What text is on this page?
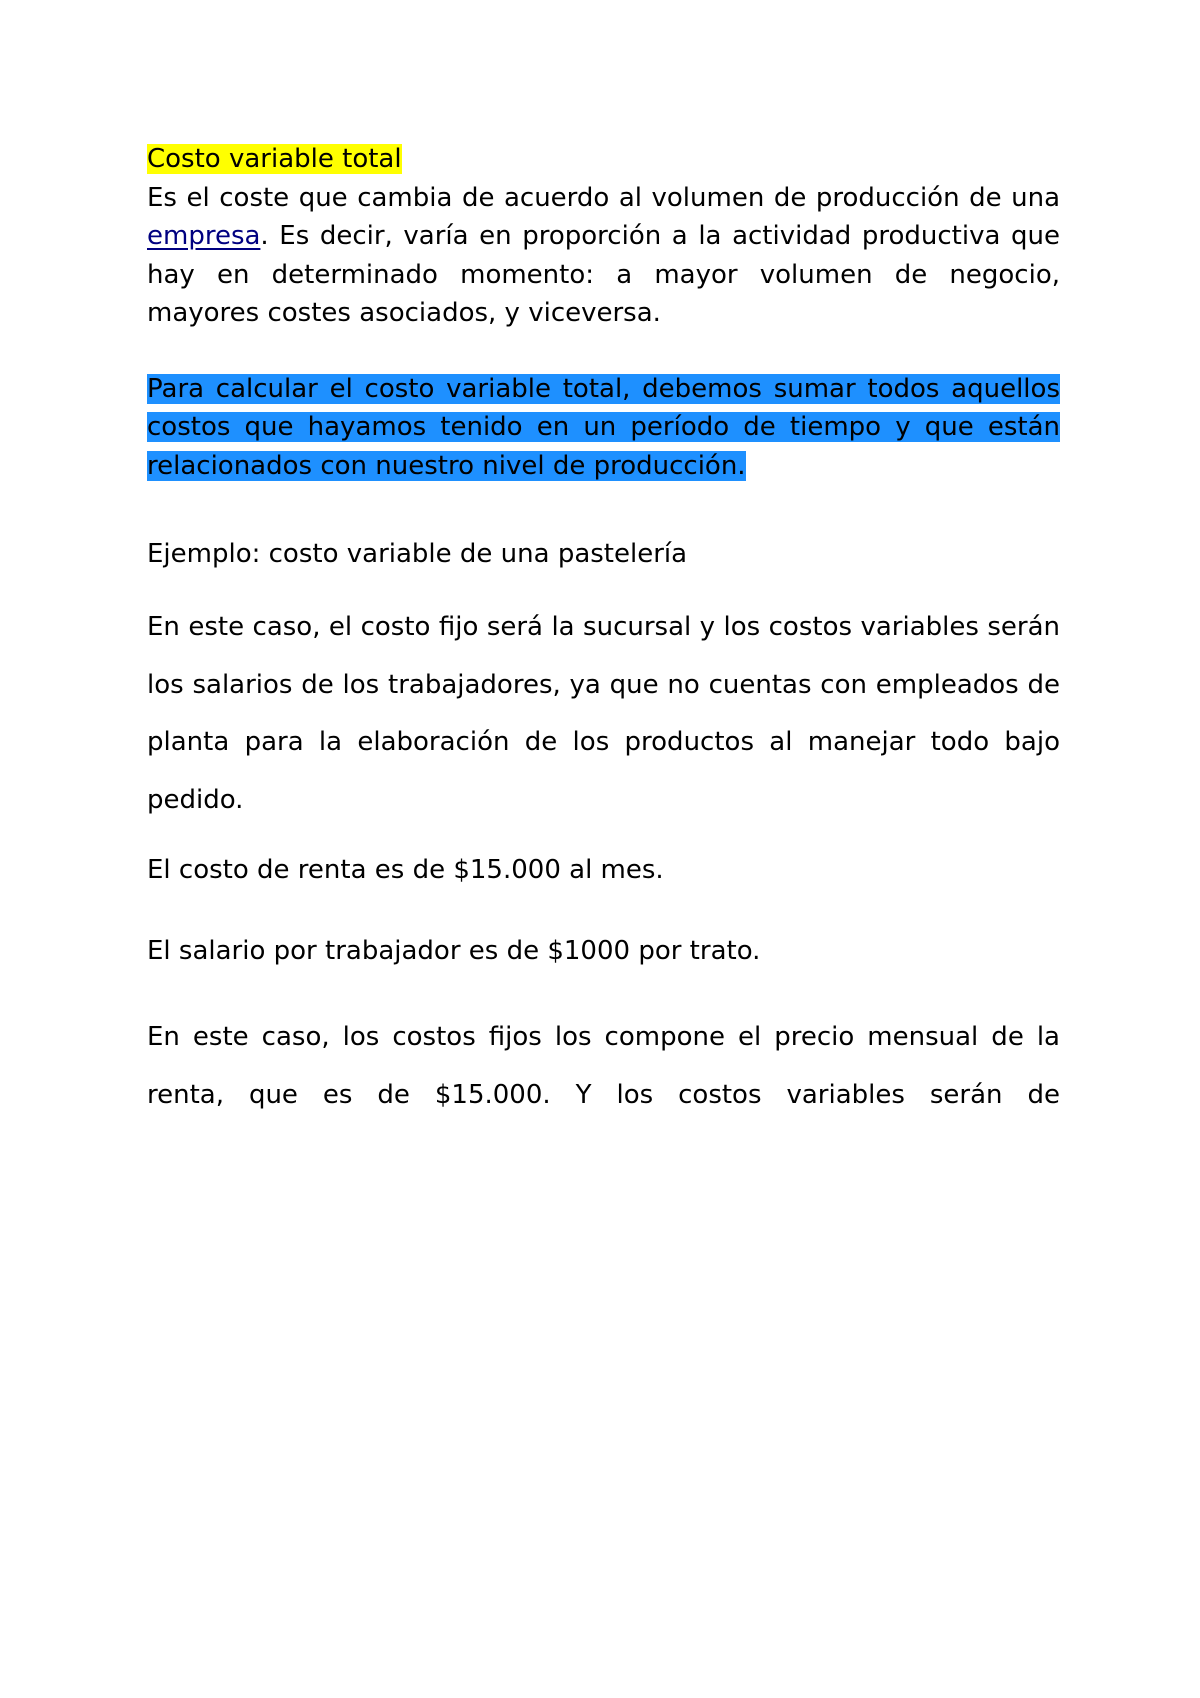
Costo variable total
Es el coste que cambia de acuerdo al volumen de producción de una empresa. Es decir, varía en proporción a la actividad productiva que hay en determinado momento: a mayor volumen de negocio, mayores costes asociados, y viceversa.

Para calcular el costo variable total, debemos sumar todos aquellos costos que hayamos tenido en un período de tiempo y que están relacionados con nuestro nivel de producción.

Ejemplo: costo variable de una pastelería

En este caso, el costo fijo será la sucursal y los costos variables serán los salarios de los trabajadores, ya que no cuentas con empleados de planta para la elaboración de los productos al manejar todo bajo pedido.

El costo de renta es de $15.000 al mes.

El salario por trabajador es de $1000 por trato.

En este caso, los costos fijos los compone el precio mensual de la renta, que es de $15.000. Y los costos variables serán de
